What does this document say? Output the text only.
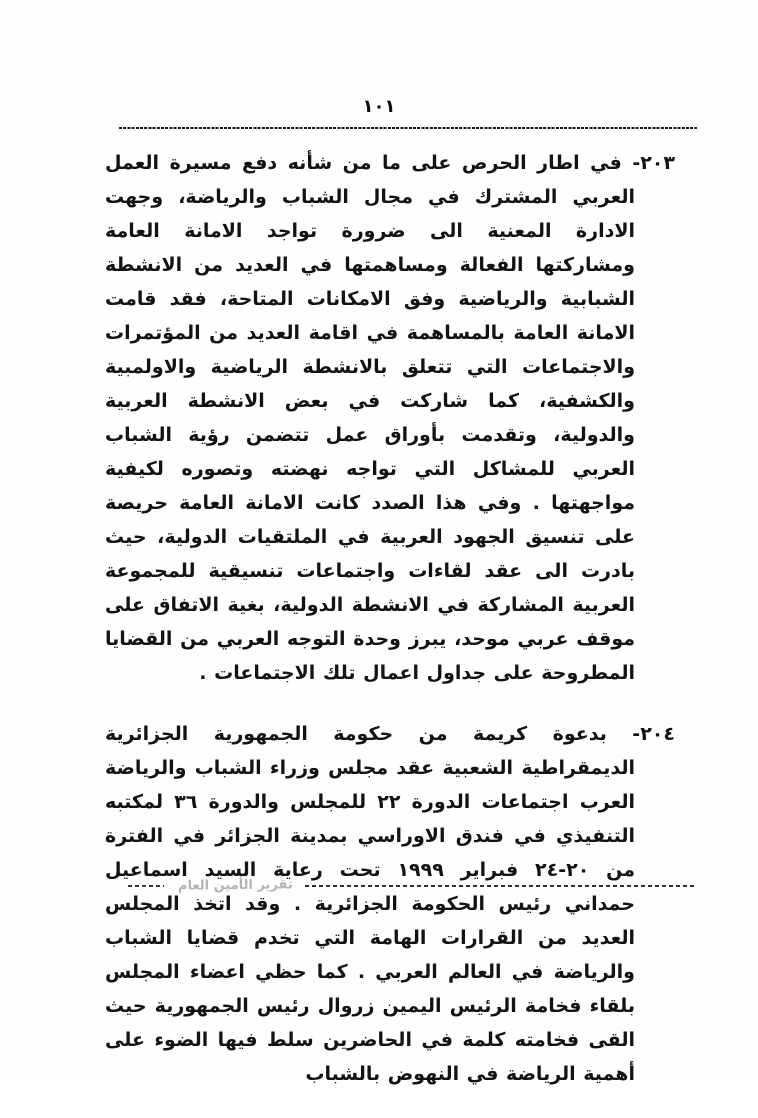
١٠١

٢٠٣- في اطار الحرص على ما من شأنه دفع مسيرة العمل العربي المشترك في مجال الشباب والرياضة، وجهت الادارة المعنية الى ضرورة تواجد الامانة العامة ومشاركتها الفعالة ومساهمتها في العديد من الانشطة الشبابية والرياضية وفق الامكانات المتاحة، فقد قامت الامانة العامة بالمساهمة في اقامة العديد من المؤتمرات والاجتماعات التي تتعلق بالانشطة الرياضية والاولمبية والكشفية، كما شاركت في بعض الانشطة العربية والدولية، وتقدمت بأوراق عمل تتضمن رؤية الشباب العربي للمشاكل التي تواجه نهضته وتصوره لكيفية مواجهتها . وفي هذا الصدد كانت الامانة العامة حريصة على تنسيق الجهود العربية في الملتقيات الدولية، حيث بادرت الى عقد لقاءات واجتماعات تنسيقية للمجموعة العربية المشاركة في الانشطة الدولية، بغية الاتفاق على موقف عربي موحد، يبرز وحدة التوجه العربي من القضايا المطروحة على جداول اعمال تلك الاجتماعات .

٢٠٤- بدعوة كريمة من حكومة الجمهورية الجزائرية الديمقراطية الشعبية عقد مجلس وزراء الشباب والرياضة العرب اجتماعات الدورة ٢٢ للمجلس والدورة ٣٦ لمكتبه التنفيذي في فندق الاوراسي بمدينة الجزائر في الفترة من ٢٠-٢٤ فبراير ١٩٩٩ تحت رعاية السيد اسماعيل حمداني رئيس الحكومة الجزائرية . وقد اتخذ المجلس العديد من القرارات الهامة التي تخدم قضايا الشباب والرياضة في العالم العربي . كما حظي اعضاء المجلس بلقاء فخامة الرئيس اليمين زروال رئيس الجمهورية حيث القى فخامته كلمة في الحاضرين سلط فيها الضوء على أهمية الرياضة في النهوض بالشباب

تقرير الأمين العام
